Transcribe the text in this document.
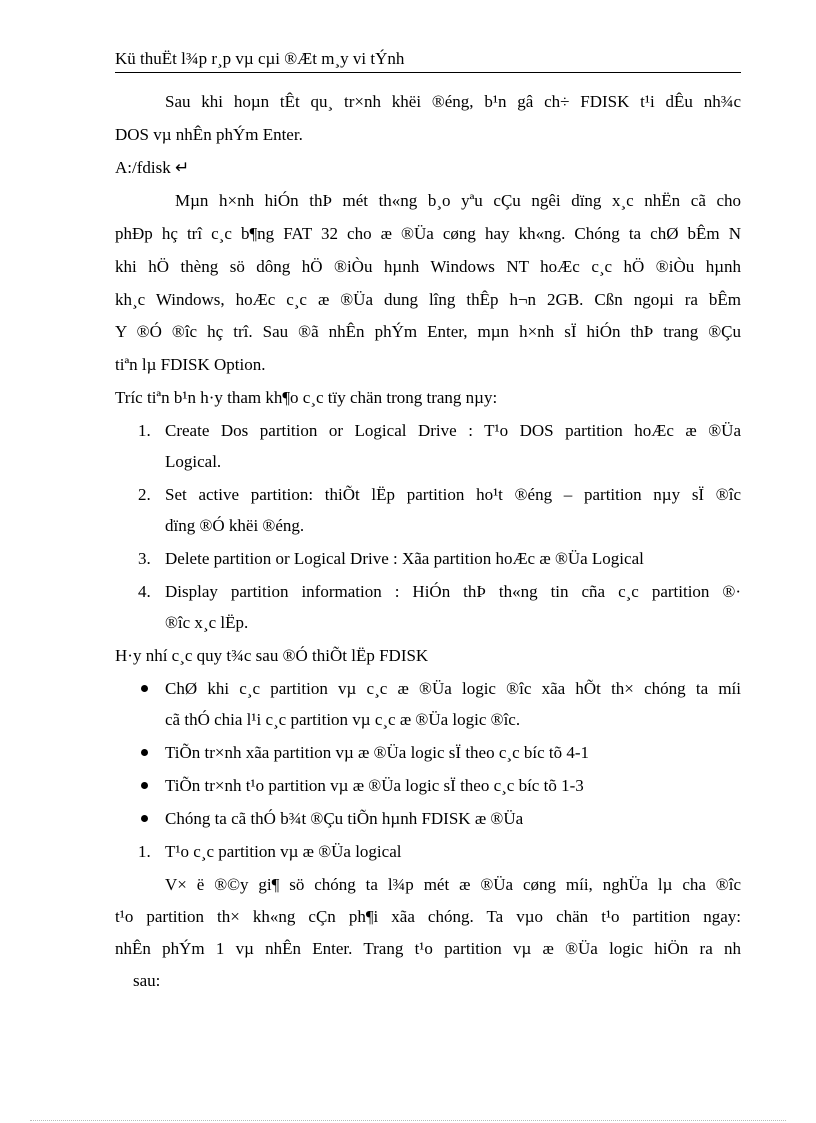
Kü thuËt l¾p r¸p vµ cµi ®Æt m¸y vi tÝnh

Sau khi hoµn tÊt qu¸ tr×nh khëi ®éng, b¹n gâ ch÷ FDISK t¹i dÊu nh¾c

DOS vµ nhÊn phÝm Enter.

A:/fdisk ↵

Mµn h×nh hiÓn thÞ mét th«ng b¸o yªu cÇu ngêi dïng x¸c nhËn cã cho

phÐp hç trî c¸c b¶ng FAT 32 cho æ ®Üa cøng hay kh«ng. Chóng ta chØ bÊm N

khi hÖ thèng sö dông hÖ ®iÒu hµnh Windows NT hoÆc c¸c hÖ ®iÒu hµnh

kh¸c Windows, hoÆc c¸c æ ®Üa dung lîng thÊp h¬n 2GB. Cßn ngoµi ra bÊm

Y ®Ó ®îc hç trî. Sau ®ã nhÊn phÝm Enter, mµn h×nh sÏ hiÓn thÞ trang ®Çu

tiªn lµ FDISK Option.

Tríc tiªn b¹n h·y tham kh¶o c¸c tïy chän trong trang nµy:

1. Create Dos partition or Logical Drive : T¹o DOS partition hoÆc æ ®Üa

Logical.

2. Set active partition: thiÕt lËp partition ho¹t ®éng – partition nµy sÏ ®îc

dïng ®Ó khëi ®éng.

3. Delete partition or Logical Drive : Xãa partition hoÆc æ ®Üa Logical

4. Display partition information : HiÓn thÞ th«ng tin cña c¸c partition ®·

®îc x¸c lËp.

H·y nhí c¸c quy t¾c sau ®Ó thiÕt lËp FDISK

ChØ khi c¸c partition vµ c¸c æ ®Üa logic ®îc xãa hÕt th× chóng ta míi

cã thÓ chia l¹i c¸c partition vµ c¸c æ ®Üa logic ®îc.

TiÕn tr×nh xãa partition vµ æ ®Üa logic sÏ theo c¸c bíc tõ 4-1

TiÕn tr×nh t¹o partition vµ æ ®Üa logic sÏ theo c¸c bíc tõ 1-3

Chóng ta cã thÓ b¾t ®Çu tiÕn hµnh FDISK æ ®Üa

1. T¹o c¸c partition vµ æ ®Üa logical

V× ë ®©y gi¶ sö chóng ta l¾p mét æ ®Üa cøng míi, nghÜa lµ cha ®îc

t¹o partition th× kh«ng cÇn ph¶i xãa chóng. Ta vµo chän t¹o partition ngay:

nhÊn phÝm 1 vµ nhÊn Enter. Trang t¹o partition vµ æ ®Üa logic hiÖn ra nh

sau:
